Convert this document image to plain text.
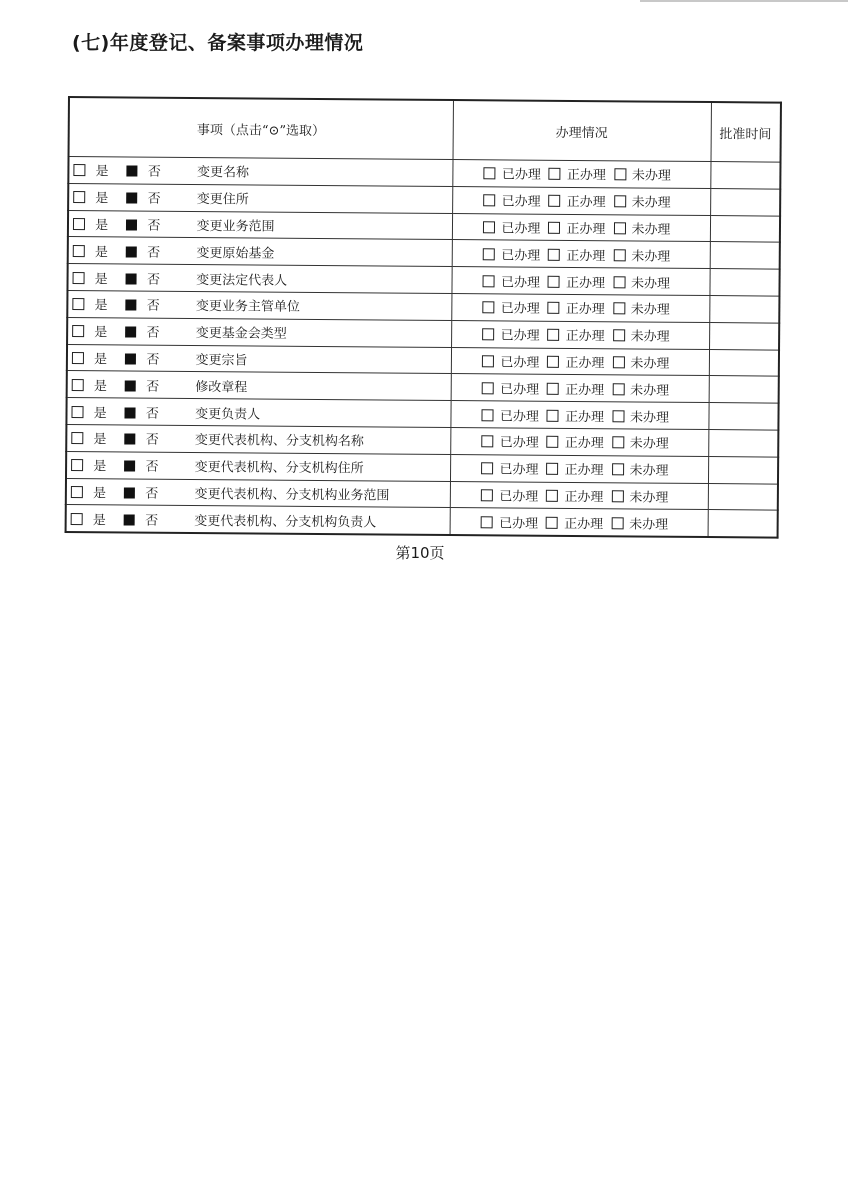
(七)年度登记、备案事项办理情况
事项（点击“⊙”选取）	办理情况	批准时间
是 否 变更名称	已办理 正办理 未办理	
是 否 变更住所	已办理 正办理 未办理	
是 否 变更业务范围	已办理 正办理 未办理	
是 否 变更原始基金	已办理 正办理 未办理	
是 否 变更法定代表人	已办理 正办理 未办理	
是 否 变更业务主管单位	已办理 正办理 未办理	
是 否 变更基金会类型	已办理 正办理 未办理	
是 否 变更宗旨	已办理 正办理 未办理	
是 否 修改章程	已办理 正办理 未办理	
是 否 变更负责人	已办理 正办理 未办理	
是 否 变更代表机构、分支机构名称	已办理 正办理 未办理	
是 否 变更代表机构、分支机构住所	已办理 正办理 未办理	
是 否 变更代表机构、分支机构业务范围	已办理 正办理 未办理	
是 否 变更代表机构、分支机构负责人	已办理 正办理 未办理	
第10页
